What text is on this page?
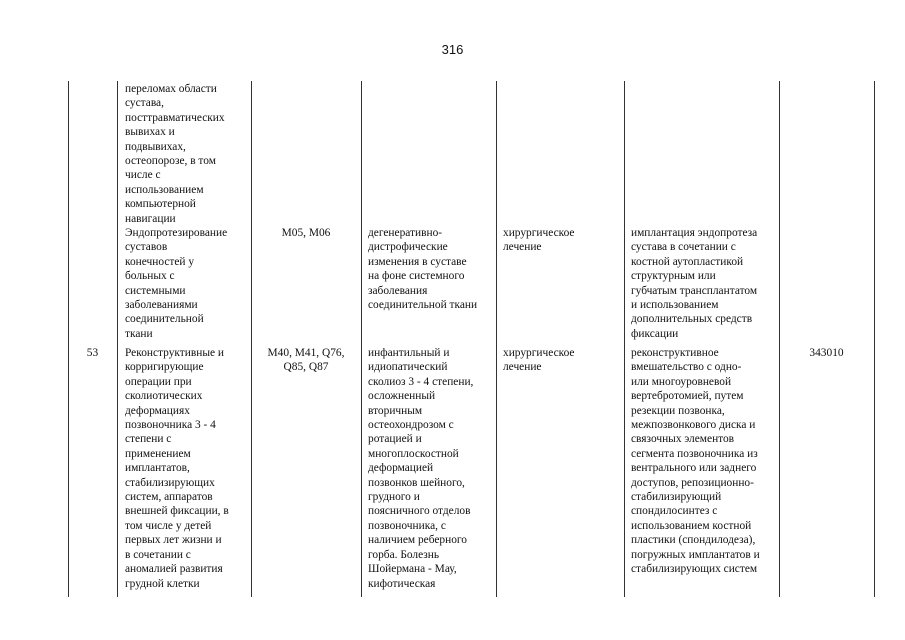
316
переломах области
сустава,
посттравматических
вывихах и
подвывихах,
остеопорозе, в том
числе с
использованием
компьютерной
навигации
Эндопротезирование
суставов
конечностей у
больных с
системными
заболеваниями
соединительной
ткани
M05, M06	дегенеративно-
дистрофические
изменения в суставе
на фоне системного
заболевания
соединительной ткани
хирургическое
лечение
имплантация эндопротеза
сустава в сочетании с
костной аутопластикой
структурным или
губчатым трансплантатом
и использованием
дополнительных средств
фиксации
53	Реконструктивные и
корригирующие
операции при
сколиотических
деформациях
позвоночника 3 - 4
степени с
применением
имплантатов,
стабилизирующих
систем, аппаратов
внешней фиксации, в
том числе у детей
первых лет жизни и
в сочетании с
аномалией развития
грудной клетки
M40, M41, Q76,
Q85, Q87
инфантильный и
идиопатический
сколиоз 3 - 4 степени,
осложненный
вторичным
остеохондрозом с
ротацией и
многоплоскостной
деформацией
позвонков шейного,
грудного и
поясничного отделов
позвоночника, с
наличием реберного
горба. Болезнь
Шойермана - Мау,
кифотическая
хирургическое
лечение
реконструктивное
вмешательство с одно-
или многоуровневой
вертебротомией, путем
резекции позвонка,
межпозвонкового диска и
связочных элементов
сегмента позвоночника из
вентрального или заднего
доступов, репозиционно-
стабилизирующий
спондилосинтез с
использованием костной
пластики (спондилодеза),
погружных имплантатов и
стабилизирующих систем
343010
